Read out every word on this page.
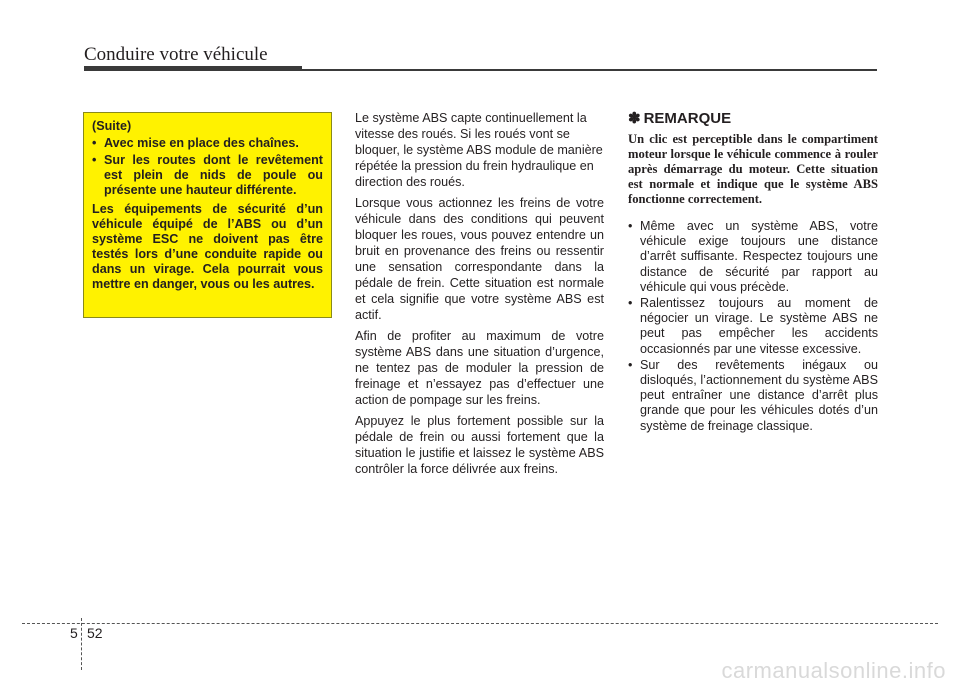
Conduire votre véhicule

(Suite)

• Avec mise en place des chaînes.
• Sur les routes dont le revêtement est plein de nids de poule ou présente une hauteur différente.

Les équipements de sécurité d’un véhicule équipé de l’ABS ou d’un système ESC ne doivent pas être testés lors d’une conduite rapide ou dans un virage. Cela pourrait vous mettre en danger, vous ou les autres.

Le système ABS capte continuellement la vitesse des roués. Si les roués vont se bloquer, le système ABS module de manière répétée la pression du frein hydraulique en direction des roués.

Lorsque vous actionnez les freins de votre véhicule dans des conditions qui peuvent bloquer les roues, vous pouvez entendre un bruit en provenance des freins ou ressentir une sensation correspondante dans la pédale de frein. Cette situation est normale et cela signifie que votre système ABS est actif.

Afin de profiter au maximum de votre système ABS dans une situation d’urgence, ne tentez pas de moduler la pression de freinage et n’essayez pas d’effectuer une action de pompage sur les freins.

Appuyez le plus fortement possible sur la pédale de frein ou aussi fortement que la situation le justifie et laissez le système ABS contrôler la force délivrée aux freins.

✽ REMARQUE

Un clic est perceptible dans le compartiment moteur lorsque le véhicule commence à rouler après démarrage du moteur. Cette situation est normale et indique que le système ABS fonctionne correctement.

• Même avec un système ABS, votre véhicule exige toujours une distance d’arrêt suffisante. Respectez toujours une distance de sécurité par rapport au véhicule qui vous précède.
• Ralentissez toujours au moment de négocier un virage. Le système ABS ne peut pas empêcher les accidents occasionnés par une vitesse excessive.
• Sur des revêtements inégaux ou disloqués, l’actionnement du système ABS peut entraîner une distance d’arrêt plus grande que pour les véhicules dotés d’un système de freinage classique.
5 52
carmanualsonline.info
